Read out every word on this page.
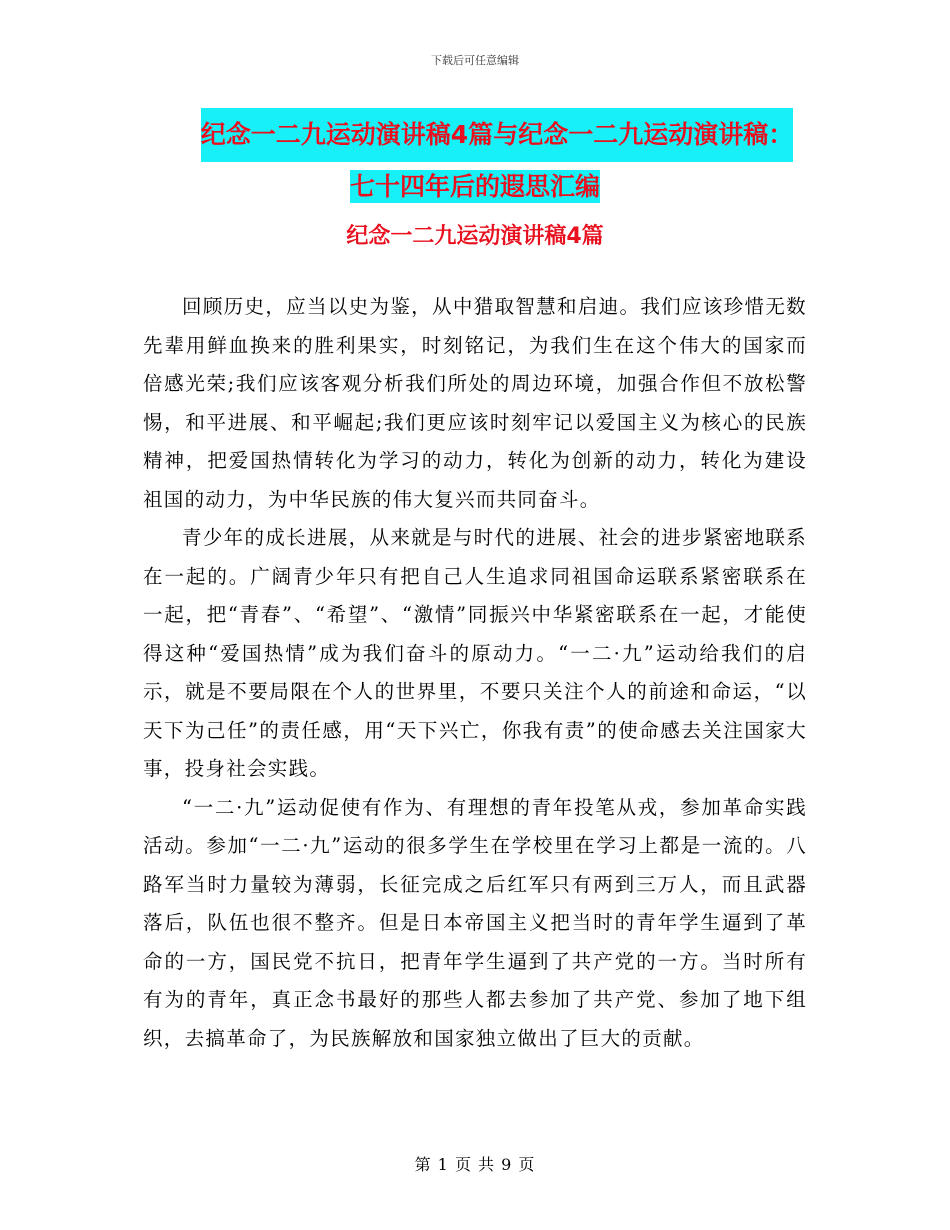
下载后可任意编辑
纪念一二九运动演讲稿4篇与纪念一二九运动演讲稿：
七十四年后的遐思汇编
纪念一二九运动演讲稿4篇

回顾历史，应当以史为鉴，从中猎取智慧和启迪。我们应该珍惜无数先辈用鲜血换来的胜利果实，时刻铭记，为我们生在这个伟大的国家而倍感光荣;我们应该客观分析我们所处的周边环境，加强合作但不放松警惕，和平进展、和平崛起;我们更应该时刻牢记以爱国主义为核心的民族精神，把爱国热情转化为学习的动力，转化为创新的动力，转化为建设祖国的动力，为中华民族的伟大复兴而共同奋斗。

青少年的成长进展，从来就是与时代的进展、社会的进步紧密地联系在一起的。广阔青少年只有把自己人生追求同祖国命运联系紧密联系在一起，把“青春”、“希望”、“激情”同振兴中华紧密联系在一起，才能使得这种“爱国热情”成为我们奋斗的原动力。“一二·九”运动给我们的启示，就是不要局限在个人的世界里，不要只关注个人的前途和命运，“以天下为己任”的责任感，用“天下兴亡，你我有责”的使命感去关注国家大事，投身社会实践。

“一二·九”运动促使有作为、有理想的青年投笔从戎，参加革命实践活动。参加“一二·九”运动的很多学生在学校里在学习上都是一流的。八路军当时力量较为薄弱，长征完成之后红军只有两到三万人，而且武器落后，队伍也很不整齐。但是日本帝国主义把当时的青年学生逼到了革命的一方，国民党不抗日，把青年学生逼到了共产党的一方。当时所有有为的青年，真正念书最好的那些人都去参加了共产党、参加了地下组织，去搞革命了，为民族解放和国家独立做出了巨大的贡献。

第 1 页 共 9 页
